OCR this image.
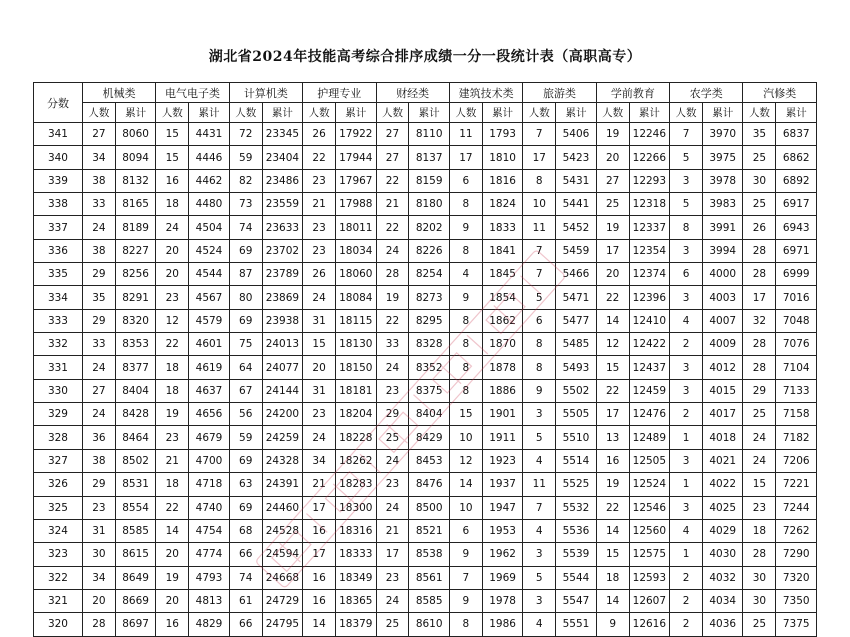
湖北省2024年技能高考综合排序成绩一分一段统计表（高职高专）
分数	机械类		电气电子类		计算机类		护理专业		财经类		建筑技术类		旅游类		学前教育		农学类		汽修类	
	人数	累计	人数	累计	人数	累计	人数	累计	人数	累计	人数	累计	人数	累计	人数	累计	人数	累计	人数	累计
341	27	8060	15	4431	72	23345	26	17922	27	8110	11	1793	7	5406	19	12246	7	3970	35	6837
340	34	8094	15	4446	59	23404	22	17944	27	8137	17	1810	17	5423	20	12266	5	3975	25	6862
339	38	8132	16	4462	82	23486	23	17967	22	8159	6	1816	8	5431	27	12293	3	3978	30	6892
338	33	8165	18	4480	73	23559	21	17988	21	8180	8	1824	10	5441	25	12318	5	3983	25	6917
337	24	8189	24	4504	74	23633	23	18011	22	8202	9	1833	11	5452	19	12337	8	3991	26	6943
336	38	8227	20	4524	69	23702	23	18034	24	8226	8	1841	7	5459	17	12354	3	3994	28	6971
335	29	8256	20	4544	87	23789	26	18060	28	8254	4	1845	7	5466	20	12374	6	4000	28	6999
334	35	8291	23	4567	80	23869	24	18084	19	8273	9	1854	5	5471	22	12396	3	4003	17	7016
333	29	8320	12	4579	69	23938	31	18115	22	8295	8	1862	6	5477	14	12410	4	4007	32	7048
332	33	8353	22	4601	75	24013	15	18130	33	8328	8	1870	8	5485	12	12422	2	4009	28	7076
331	24	8377	18	4619	64	24077	20	18150	24	8352	8	1878	8	5493	15	12437	3	4012	28	7104
330	27	8404	18	4637	67	24144	31	18181	23	8375	8	1886	9	5502	22	12459	3	4015	29	7133
329	24	8428	19	4656	56	24200	23	18204	29	8404	15	1901	3	5505	17	12476	2	4017	25	7158
328	36	8464	23	4679	59	24259	24	18228	25	8429	10	1911	5	5510	13	12489	1	4018	24	7182
327	38	8502	21	4700	69	24328	34	18262	24	8453	12	1923	4	5514	16	12505	3	4021	24	7206
326	29	8531	18	4718	63	24391	21	18283	23	8476	14	1937	11	5525	19	12524	1	4022	15	7221
325	23	8554	22	4740	69	24460	17	18300	24	8500	10	1947	7	5532	22	12546	3	4025	23	7244
324	31	8585	14	4754	68	24528	16	18316	21	8521	6	1953	4	5536	14	12560	4	4029	18	7262
323	30	8615	20	4774	66	24594	17	18333	17	8538	9	1962	3	5539	15	12575	1	4030	28	7290
322	34	8649	19	4793	74	24668	16	18349	23	8561	7	1969	5	5544	18	12593	2	4032	30	7320
321	20	8669	20	4813	61	24729	16	18365	24	8585	9	1978	3	5547	14	12607	2	4034	30	7350
320	28	8697	16	4829	66	24795	14	18379	25	8610	8	1986	4	5551	9	12616	2	4036	25	7375
